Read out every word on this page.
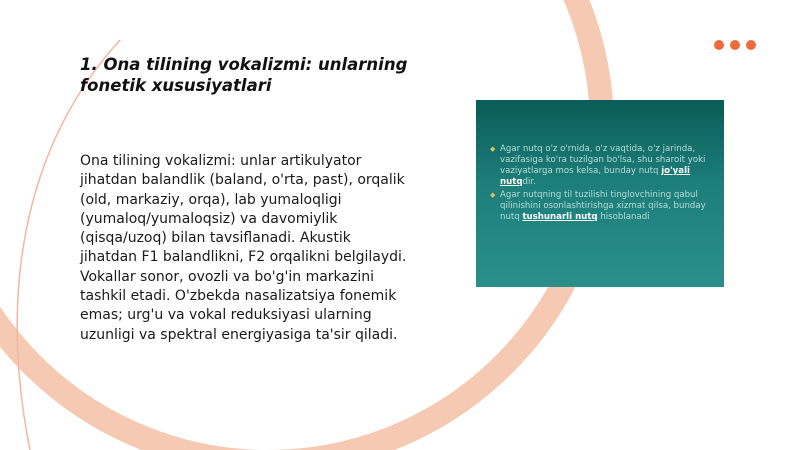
1. Ona tilining vokalizmi: unlarning fonetik xususiyatlari

Ona tilining vokalizmi: unlar artikulyator jihatdan balandlik (baland, o'rta, past), orqalik (old, markaziy, orqa), lab yumaloqligi (yumaloq/yumaloqsiz) va davomiylik (qisqa/uzoq) bilan tavsiflanadi. Akustik jihatdan F1 balandlikni, F2 orqalikni belgilaydi. Vokallar sonor, ovozli va bo'g'in markazini tashkil etadi. O'zbekda nasalizatsiya fonemik emas; urg'u va vokal reduksiyasi ularning uzunligi va spektral energiyasiga ta'sir qiladi.

◆ Agar nutq o'z o'rnida, o'z vaqtida, o'z jarinda, vazifasiga ko'ra tuzilgan bo'lsa, shu sharoit yoki vaziyatlarga mos kelsa, bunday nutq jo'yali nutqdir.

◆ Agar nutqning til tuzilishi tinglovchining qabul qilinishini osonlashtirishga xizmat qilsa, bunday nutq tushunarli nutq hisoblanadi
